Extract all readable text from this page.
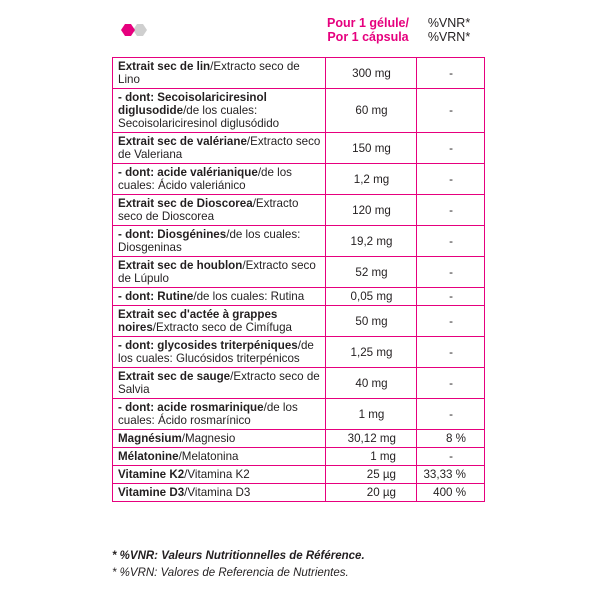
Pour 1 gélule/
Por 1 cápsula
%VNR*
%VRN*
Extrait sec de lin/Extracto seco de Lino	300 mg	-
- dont: Secoisolariciresinol diglusodide/de los cuales: Secoisolariciresinol diglusódido	60 mg	-
Extrait sec de valériane/Extracto seco de Valeriana	150 mg	-
- dont: acide valérianique/de los cuales: Ácido valeriánico	1,2 mg	-
Extrait sec de Dioscorea/Extracto seco de Dioscorea	120 mg	-
- dont: Diosgénines/de los cuales: Diosgeninas	19,2 mg	-
Extrait sec de houblon/Extracto seco de Lúpulo	52 mg	-
- dont: Rutine/de los cuales: Rutina	0,05 mg	-
Extrait sec d'actée à grappes noires/Extracto seco de Cimífuga	50 mg	-
- dont: glycosides triterpéniques/de los cuales: Glucósidos triterpénicos	1,25 mg	-
Extrait sec de sauge/Extracto seco de Salvia	40 mg	-
- dont: acide rosmarinique/de los cuales: Ácido rosmarínico	1 mg	-
Magnésium/Magnesio	30,12 mg	8 %
Mélatonine/Melatonina	1 mg	-
Vitamine K2/Vitamina K2	25 µg	33,33 %
Vitamine D3/Vitamina D3	20 µg	400 %
* %VNR: Valeurs Nutritionnelles de Référence.
* %VRN: Valores de Referencia de Nutrientes.
